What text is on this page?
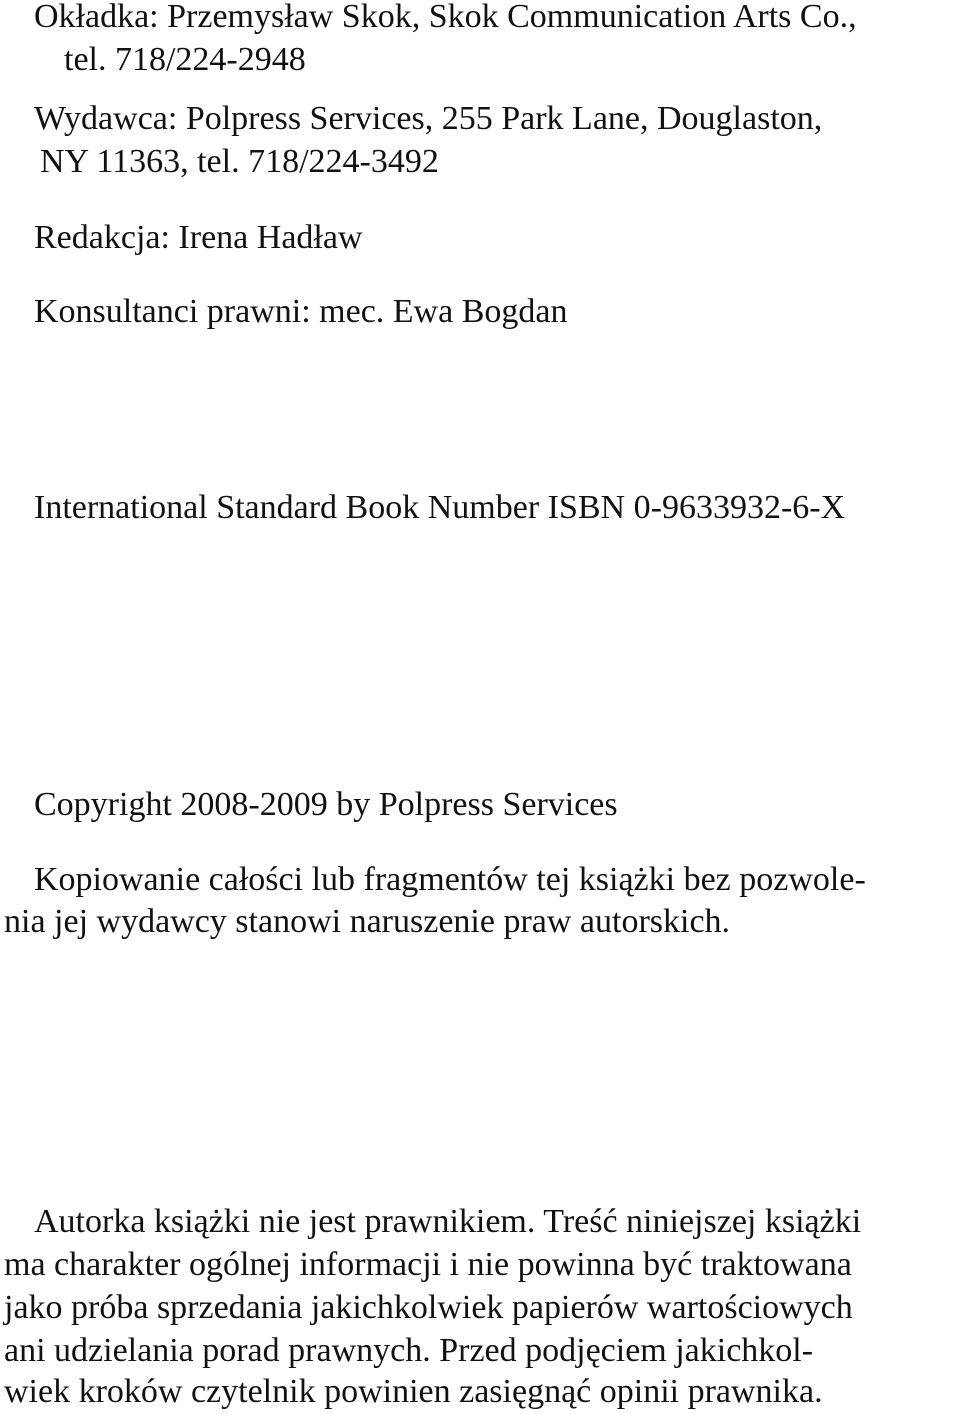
Okładka: Przemysław Skok, Skok Communication Arts Co.,
tel. 718/224-2948
Wydawca: Polpress Services, 255 Park Lane, Douglaston,
NY 11363, tel. 718/224-3492
Redakcja: Irena Hadław
Konsultanci prawni: mec. Ewa Bogdan
International Standard Book Number ISBN 0-9633932-6-X
Copyright 2008-2009 by Polpress Services
Kopiowanie całości lub fragmentów tej książki bez pozwole-
nia jej wydawcy stanowi naruszenie praw autorskich.
Autorka książki nie jest prawnikiem. Treść niniejszej książki
ma charakter ogólnej informacji i nie powinna być traktowana
jako próba sprzedania jakichkolwiek papierów wartościowych
ani udzielania porad prawnych. Przed podjęciem jakichkol-
wiek kroków czytelnik powinien zasięgnąć opinii prawnika.
